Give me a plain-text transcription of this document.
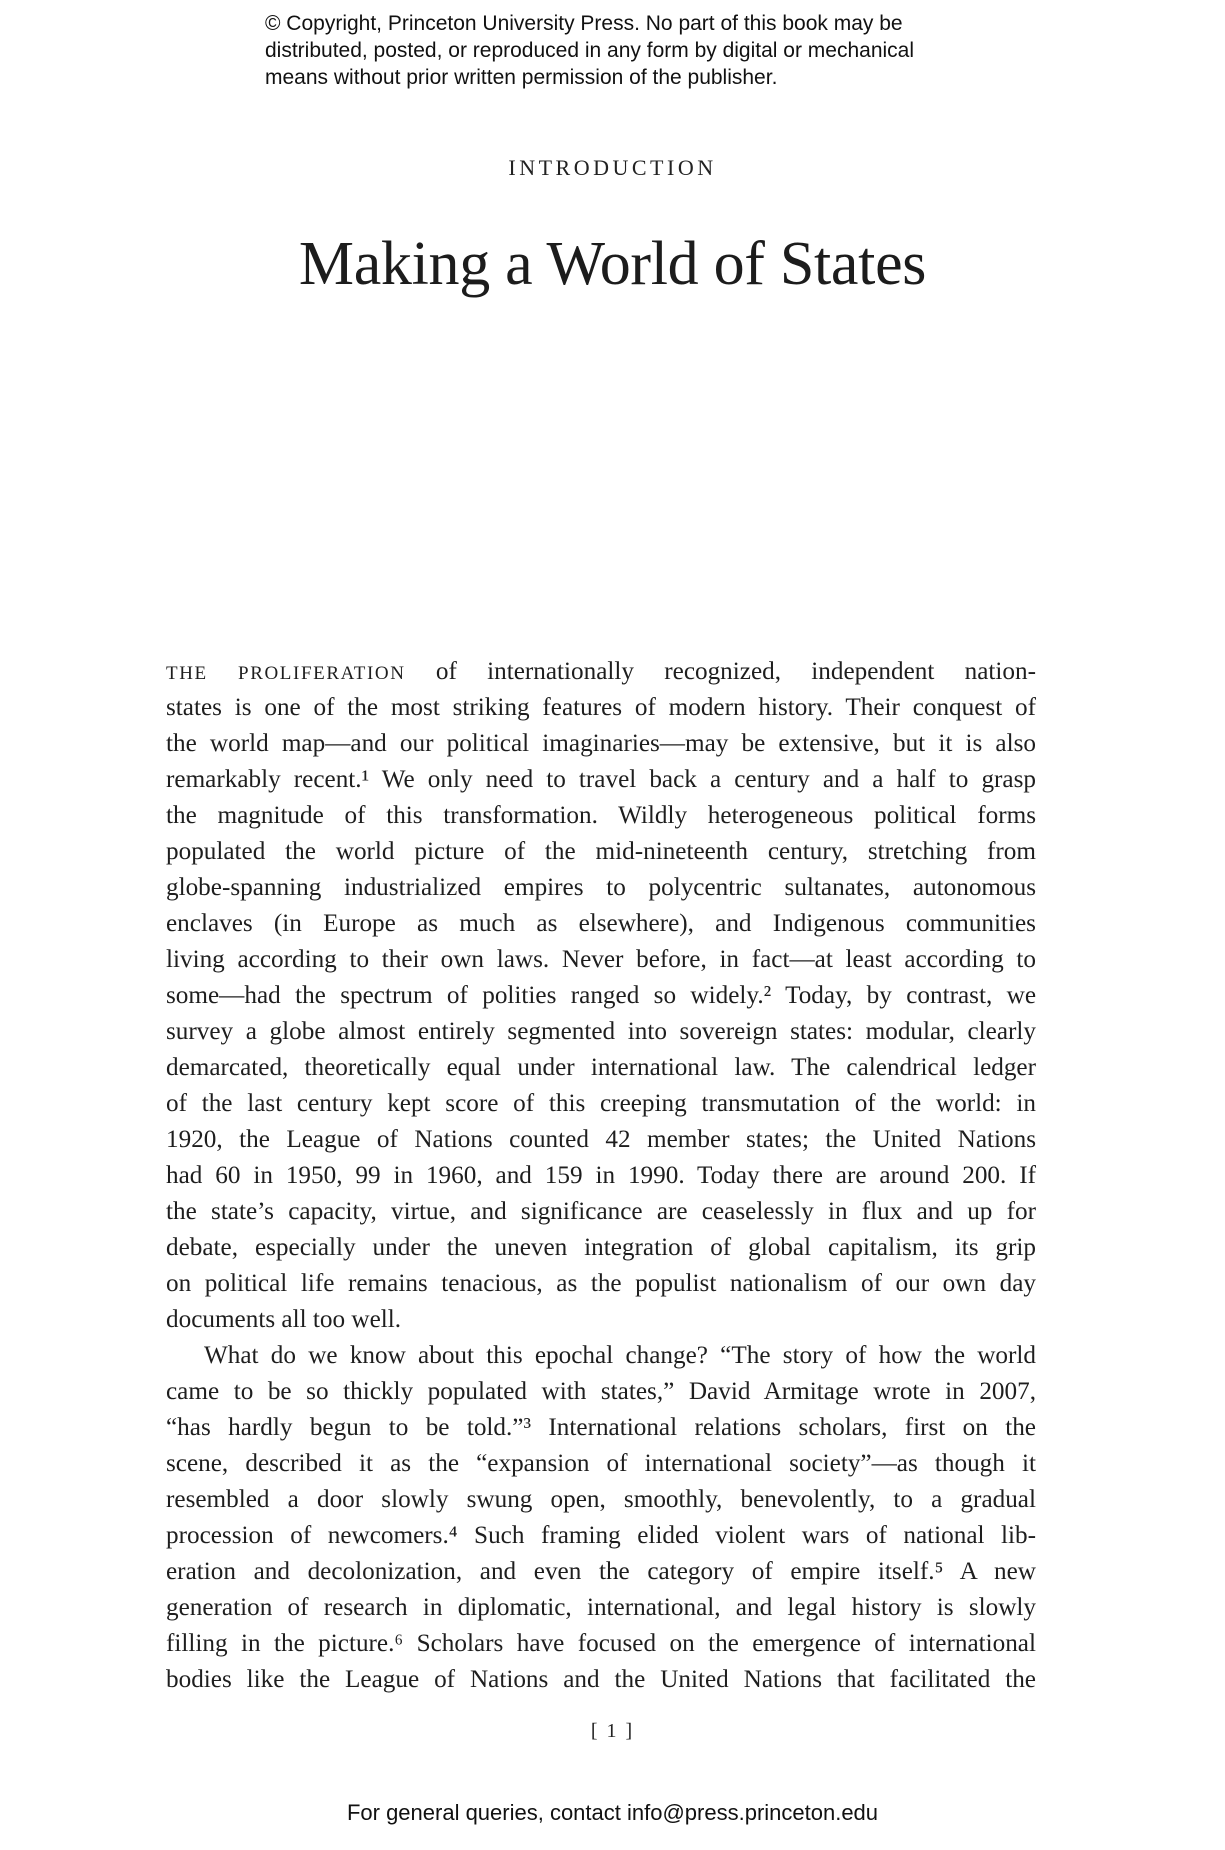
© Copyright, Princeton University Press. No part of this book may be
distributed, posted, or reproduced in any form by digital or mechanical
means without prior written permission of the publisher.
INTRODUCTION
Making a World of States
THE PROLIFERATION of internationally recognized, independent nation-
states is one of the most striking features of modern history. Their conquest of
the world map—and our political imaginaries—may be extensive, but it is also
remarkably recent.¹ We only need to travel back a century and a half to grasp
the magnitude of this transformation. Wildly heterogeneous political forms
populated the world picture of the mid-nineteenth century, stretching from
globe-spanning industrialized empires to polycentric sultanates, autonomous
enclaves (in Europe as much as elsewhere), and Indigenous communities
living according to their own laws. Never before, in fact—at least according to
some—had the spectrum of polities ranged so widely.² Today, by contrast, we
survey a globe almost entirely segmented into sovereign states: modular, clearly
demarcated, theoretically equal under international law. The calendrical ledger
of the last century kept score of this creeping transmutation of the world: in
1920, the League of Nations counted 42 member states; the United Nations
had 60 in 1950, 99 in 1960, and 159 in 1990. Today there are around 200. If
the state’s capacity, virtue, and significance are ceaselessly in flux and up for
debate, especially under the uneven integration of global capitalism, its grip
on political life remains tenacious, as the populist nationalism of our own day
documents all too well.
What do we know about this epochal change? “The story of how the world
came to be so thickly populated with states,” David Armitage wrote in 2007,
“has hardly begun to be told.”³ International relations scholars, first on the
scene, described it as the “expansion of international society”—as though it
resembled a door slowly swung open, smoothly, benevolently, to a gradual
procession of newcomers.⁴ Such framing elided violent wars of national lib-
eration and decolonization, and even the category of empire itself.⁵ A new
generation of research in diplomatic, international, and legal history is slowly
filling in the picture.⁶ Scholars have focused on the emergence of international
bodies like the League of Nations and the United Nations that facilitated the
[ 1 ]
For general queries, contact info@press.princeton.edu
